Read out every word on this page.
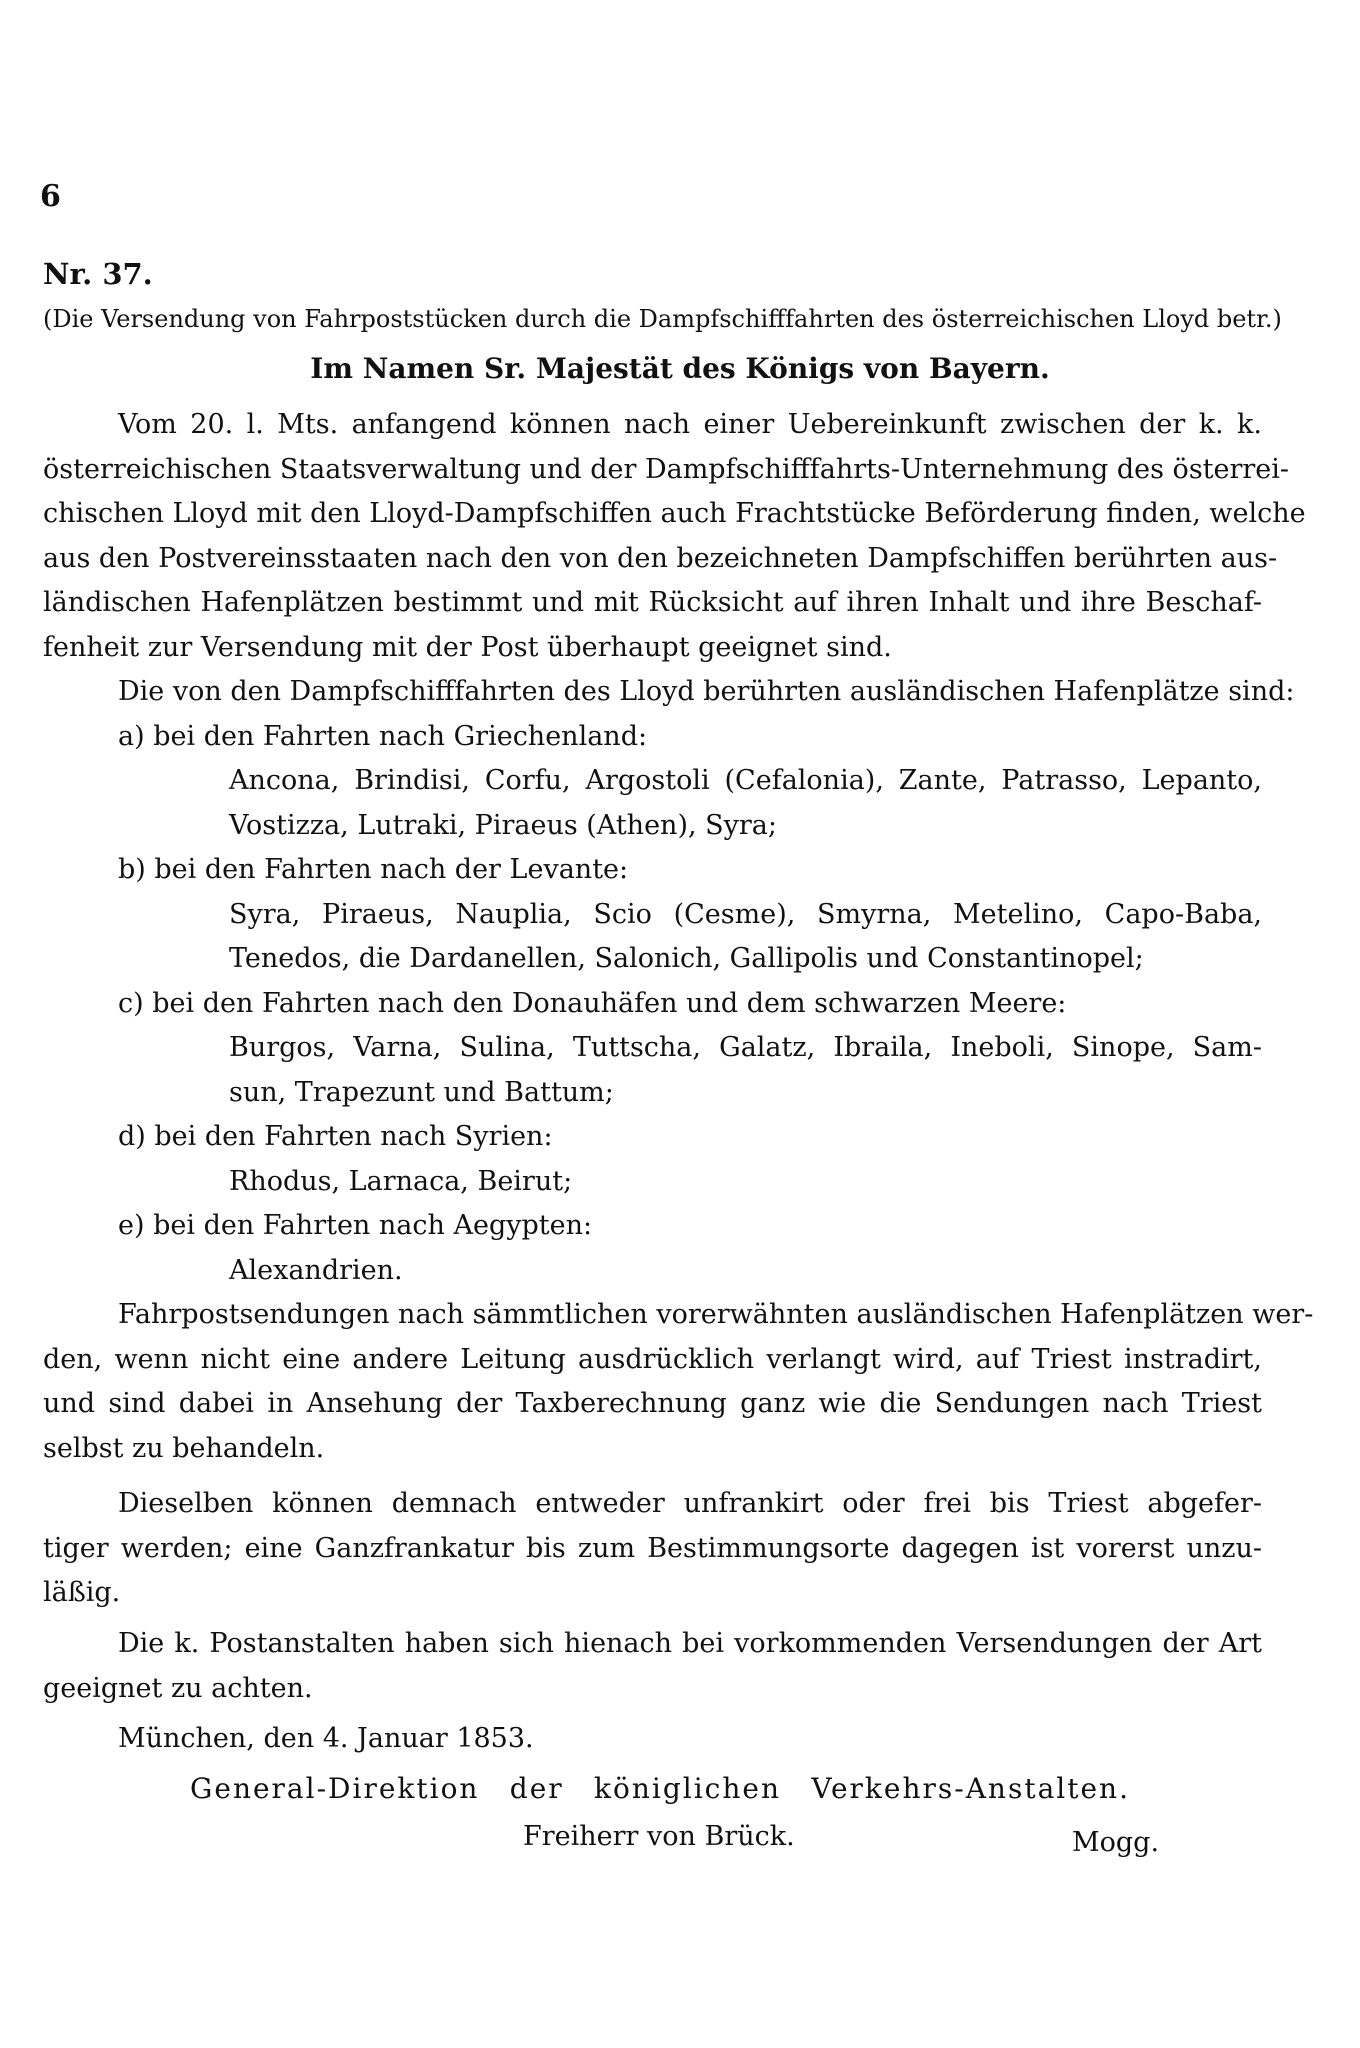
6
Nr. 37.
(Die Versendung von Fahrpoststücken durch die Dampfschifffahrten des österreichischen Lloyd betr.)
Im Namen Sr. Majestät des Königs von Bayern.
Vom 20. l. Mts. anfangend können nach einer Uebereinkunft zwischen der k. k.
österreichischen Staatsverwaltung und der Dampfschifffahrts-Unternehmung des österrei-
chischen Lloyd mit den Lloyd-Dampfschiffen auch Frachtstücke Beförderung finden, welche
aus den Postvereinsstaaten nach den von den bezeichneten Dampfschiffen berührten aus-
ländischen Hafenplätzen bestimmt und mit Rücksicht auf ihren Inhalt und ihre Beschaf-
fenheit zur Versendung mit der Post überhaupt geeignet sind.
Die von den Dampfschifffahrten des Lloyd berührten ausländischen Hafenplätze sind:
a) bei den Fahrten nach Griechenland:
Ancona, Brindisi, Corfu, Argostoli (Cefalonia), Zante, Patrasso, Lepanto,
Vostizza, Lutraki, Piraeus (Athen), Syra;
b) bei den Fahrten nach der Levante:
Syra, Piraeus, Nauplia, Scio (Cesme), Smyrna, Metelino, Capo-Baba,
Tenedos, die Dardanellen, Salonich, Gallipolis und Constantinopel;
c) bei den Fahrten nach den Donauhäfen und dem schwarzen Meere:
Burgos, Varna, Sulina, Tuttscha, Galatz, Ibraila, Ineboli, Sinope, Sam-
sun, Trapezunt und Battum;
d) bei den Fahrten nach Syrien:
Rhodus, Larnaca, Beirut;
e) bei den Fahrten nach Aegypten:
Alexandrien.
Fahrpostsendungen nach sämmtlichen vorerwähnten ausländischen Hafenplätzen wer-
den, wenn nicht eine andere Leitung ausdrücklich verlangt wird, auf Triest instradirt,
und sind dabei in Ansehung der Taxberechnung ganz wie die Sendungen nach Triest
selbst zu behandeln.
Dieselben können demnach entweder unfrankirt oder frei bis Triest abgefer-
tiger werden; eine Ganzfrankatur bis zum Bestimmungsorte dagegen ist vorerst unzu-
läßig.
Die k. Postanstalten haben sich hienach bei vorkommenden Versendungen der Art
geeignet zu achten.
München, den 4. Januar 1853.
General-Direktion der königlichen Verkehrs-Anstalten.
Freiherr von Brück.	Mogg.
